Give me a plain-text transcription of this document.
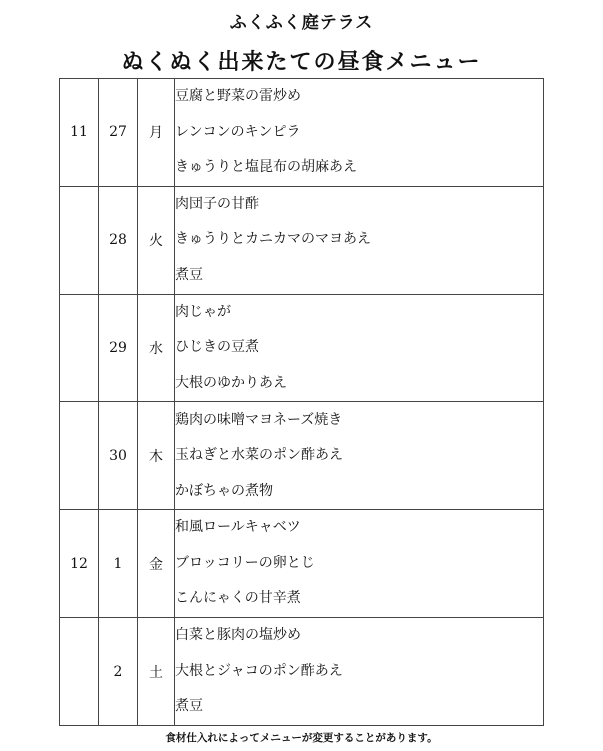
ふくふく庭テラス
ぬくぬく出来たての昼食メニュー
11	27	月	豆腐と野菜の雷炒め
レンコンのキンピラ
きゅうりと塩昆布の胡麻あえ

	28	火	肉団子の甘酢
きゅうりとカニカマのマヨあえ
煮豆

	29	水	肉じゃが
ひじきの豆煮
大根のゆかりあえ

	30	木	鶏肉の味噌マヨネーズ焼き
玉ねぎと水菜のポン酢あえ
かぼちゃの煮物

12	1	金	和風ロールキャベツ
ブロッコリーの卵とじ
こんにゃくの甘辛煮

	2	土	白菜と豚肉の塩炒め
大根とジャコのポン酢あえ
煮豆
食材仕入れによってメニューが変更することがあります。
